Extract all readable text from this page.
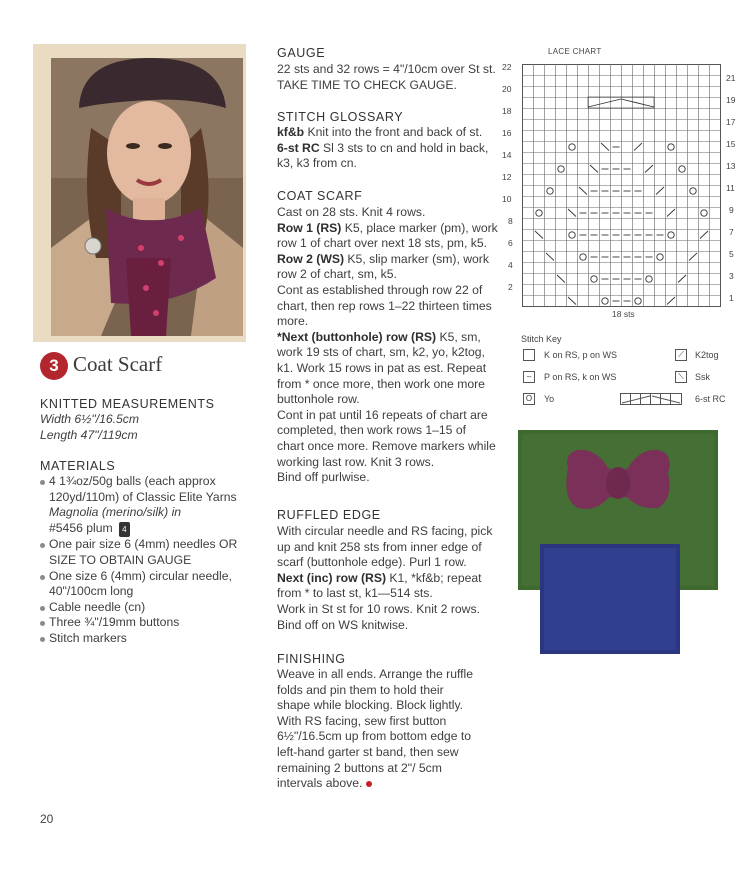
3 Coat Scarf
KNITTED MEASUREMENTS
Width 6½"/16.5cm
Length 47"/119cm
MATERIALS
4 1¾oz/50g balls (each approx
120yd/110m) of Classic Elite Yarns
Magnolia (merino/silk) in
#5456 plum 4
One pair size 6 (4mm) needles OR
SIZE TO OBTAIN GAUGE
One size 6 (4mm) circular needle,
40"/100cm long
Cable needle (cn)
Three ¾"/19mm buttons
Stitch markers
GAUGE
22 sts and 32 rows = 4"/10cm over St st.
TAKE TIME TO CHECK GAUGE.
STITCH GLOSSARY
kf&b Knit into the front and back of st.
6-st RC Sl 3 sts to cn and hold in back,
k3, k3 from cn.
COAT SCARF
Cast on 28 sts. Knit 4 rows.
Row 1 (RS) K5, place marker (pm), work
row 1 of chart over next 18 sts, pm, k5.
Row 2 (WS) K5, slip marker (sm), work
row 2 of chart, sm, k5.
Cont as established through row 22 of
chart, then rep rows 1–22 thirteen times
more.
*Next (buttonhole) row (RS) K5, sm,
work 19 sts of chart, sm, k2, yo, k2tog,
k1. Work 15 rows in pat as est. Repeat
from * once more, then work one more
buttonhole row.
Cont in pat until 16 repeats of chart are
completed, then work rows 1–15 of
chart once more. Remove markers while
working last row. Knit 3 rows.
Bind off purlwise.
RUFFLED EDGE
With circular needle and RS facing, pick
up and knit 258 sts from inner edge of
scarf (buttonhole edge). Purl 1 row.
Next (inc) row (RS) K1, *kf&b; repeat
from * to last st, k1—514 sts.
Work in St st for 10 rows. Knit 2 rows.
Bind off on WS knitwise.
FINISHING
Weave in all ends. Arrange the ruffle
folds and pin them to hold their
shape while blocking. Block lightly.
With RS facing, sew first button
6½"/16.5cm up from bottom edge to
left-hand garter st band, then sew
remaining 2 buttons at 2"/ 5cm
intervals above.
20
LACE CHART
22
20
18
16
14
12
10
8
6
4
2
21
19
17
15
13
11
9
7
5
3
1
18 sts
Stitch Key
K on RS, p on WS
–	P on RS, k on WS
O	Yo
⟋	K2tog
⟍	Ssk
6-st RC
